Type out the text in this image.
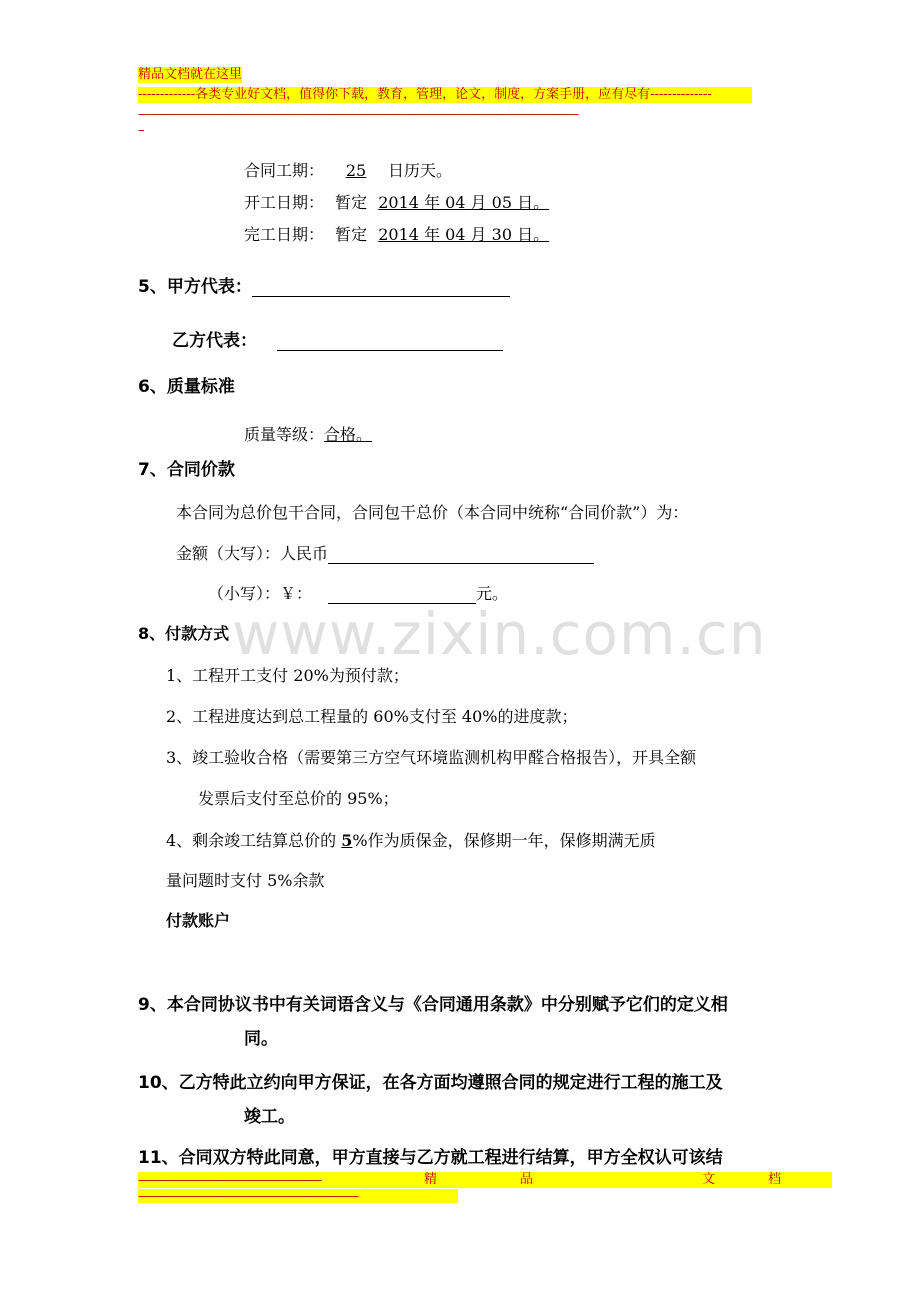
精品文档就在这里
-------------各类专业好文档，值得你下载，教育，管理，论文，制度，方案手册，应有尽有--------------
------------------------------------------------------------------------------------------------------------------------------------------------
--
www.zixin.com.cn
合同工期： 25 日历天。
开工日期： 暂定 2014 年 04 月 05 日。
完工日期： 暂定 2014 年 04 月 30 日。
5、甲方代表：
乙方代表：
6、质量标准
质量等级：合格。
7、合同价款
本合同为总价包干合同，合同包干总价（本合同中统称“合同价款”）为：
金额（大写）：人民币
（小写）：￥：	元。
8、付款方式
1、工程开工支付 20%为预付款；
2、工程进度达到总工程量的 60%支付至 40%的进度款；
3、竣工验收合格（需要第三方空气环境监测机构甲醛合格报告），开具全额
发票后支付至总价的 95%；
4、剩余竣工结算总价的 5%作为质保金，保修期一年，保修期满无质
量问题时支付 5%余款
付款账户
9、本合同协议书中有关词语含义与《合同通用条款》中分别赋予它们的定义相
同。
10、乙方特此立约向甲方保证，在各方面均遵照合同的规定进行工程的施工及
竣工。
11、合同双方特此同意，甲方直接与乙方就工程进行结算，甲方全权认可该结
------------------------------------------------------------	精	品	文	档
------------------------------------------------------------------------
